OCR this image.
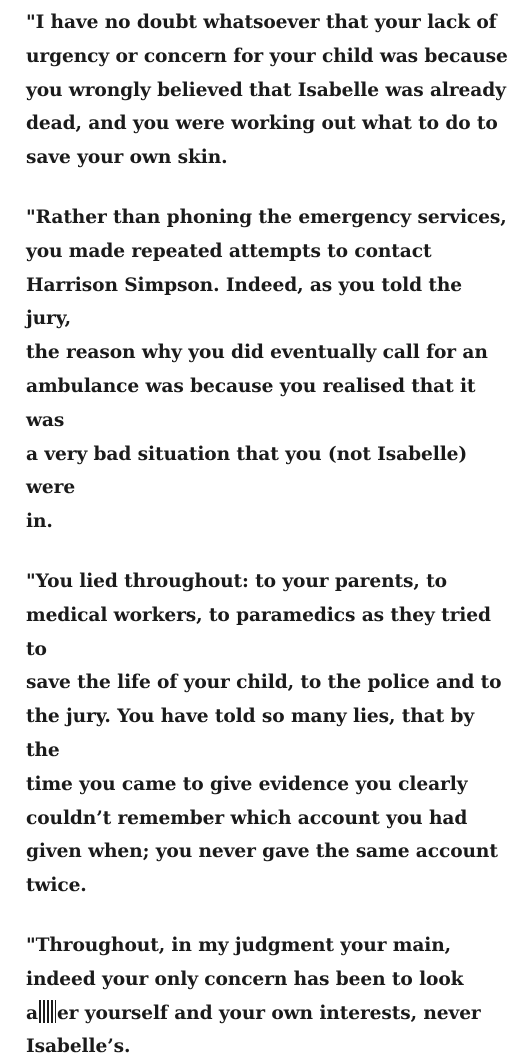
"I have no doubt whatsoever that your lack of
urgency or concern for your child was because
you wrongly believed that Isabelle was already
dead, and you were working out what to do to
save your own skin.

"Rather than phoning the emergency services,
you made repeated attempts to contact
Harrison Simpson. Indeed, as you told the jury,
the reason why you did eventually call for an
ambulance was because you realised that it was
a very bad situation that you (not Isabelle) were
in.

"You lied throughout: to your parents, to
medical workers, to paramedics as they tried to
save the life of your child, to the police and to
the jury. You have told so many lies, that by the
time you came to give evidence you clearly
couldn’t remember which account you had
given when; you never gave the same account
twice.

"Throughout, in my judgment your main,
indeed your only concern has been to look
a er yourself and your own interests, never
Isabelle’s.
